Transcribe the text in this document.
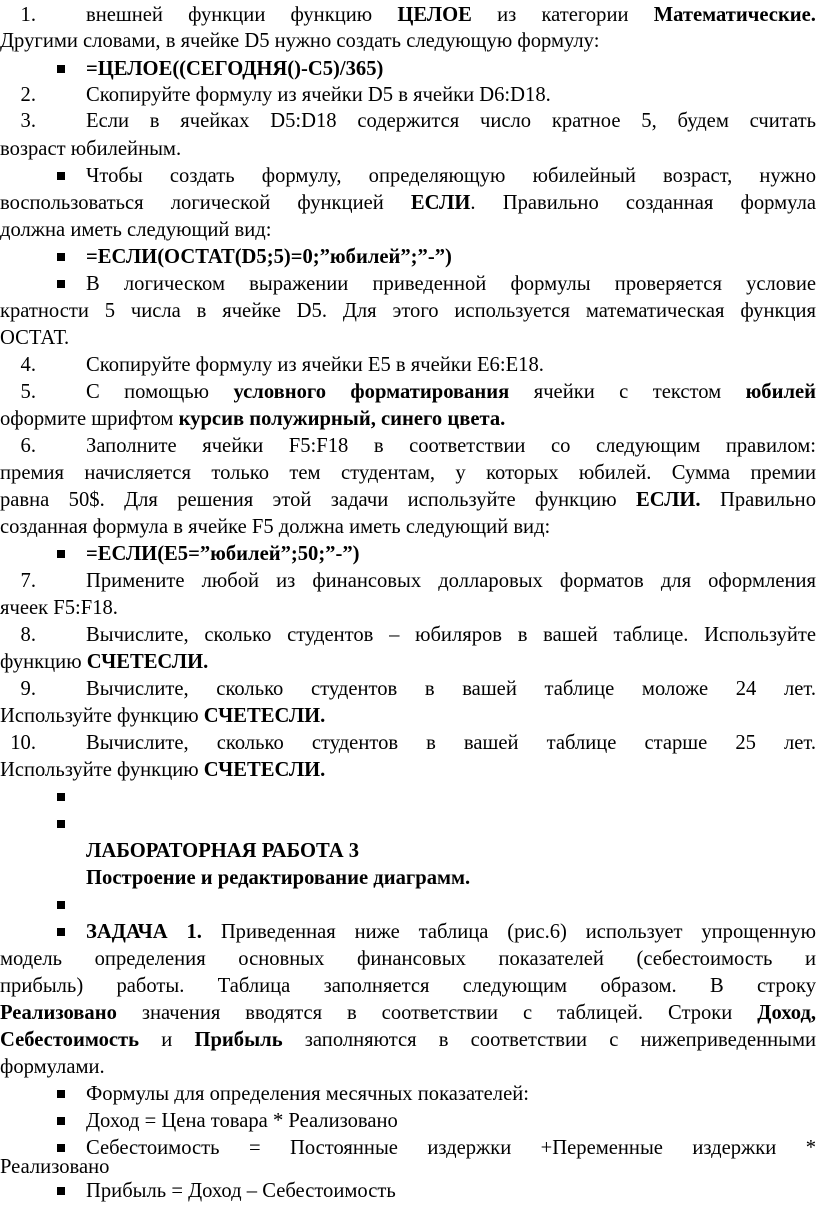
1. внешней функции функцию ЦЕЛОЕ из категории Математические.
Другими словами, в ячейке D5 нужно создать следующую формулу:
=ЦЕЛОЕ((СЕГОДНЯ()-C5)/365)
2. Скопируйте формулу из ячейки D5 в ячейки D6:D18.
3. Если в ячейках D5:D18 содержится число кратное 5, будем считать
возраст юбилейным.
Чтобы создать формулу, определяющую юбилейный возраст, нужно
воспользоваться логической функцией ЕСЛИ. Правильно созданная формула
должна иметь следующий вид:
=ЕСЛИ(ОСТАТ(D5;5)=0;”юбилей”;”-”)
В логическом выражении приведенной формулы проверяется условие
кратности 5 числа в ячейке D5. Для этого используется математическая функция
ОСТАТ.
4. Скопируйте формулу из ячейки E5 в ячейки E6:E18.
5. С помощью условного форматирования ячейки с текстом юбилей
оформите шрифтом курсив полужирный, синего цвета.
6. Заполните ячейки F5:F18 в соответствии со следующим правилом:
премия начисляется только тем студентам, у которых юбилей. Сумма премии
равна 50$. Для решения этой задачи используйте функцию ЕСЛИ. Правильно
созданная формула в ячейке F5 должна иметь следующий вид:
=ЕСЛИ(E5=”юбилей”;50;”-”)
7. Примените любой из финансовых долларовых форматов для оформления
ячеек F5:F18.
8. Вычислите, сколько студентов – юбиляров в вашей таблице. Используйте
функцию СЧЕТЕСЛИ.
9. Вычислите, сколько студентов в вашей таблице моложе 24 лет.
Используйте функцию СЧЕТЕСЛИ.
10. Вычислите, сколько студентов в вашей таблице старше 25 лет.
Используйте функцию СЧЕТЕСЛИ.
ЛАБОРАТОРНАЯ РАБОТА 3
Построение и редактирование диаграмм.
ЗАДАЧА 1. Приведенная ниже таблица (рис.6) использует упрощенную
модель определения основных финансовых показателей (себестоимость и
прибыль) работы. Таблица заполняется следующим образом. В строку
Реализовано значения вводятся в соответствии с таблицей. Строки Доход,
Себестоимость и Прибыль заполняются в соответствии с нижеприведенными
формулами.
Формулы для определения месячных показателей:
Доход = Цена товара * Реализовано
Себестоимость = Постоянные издержки +Переменные издержки *
Реализовано
Прибыль = Доход – Себестоимость
